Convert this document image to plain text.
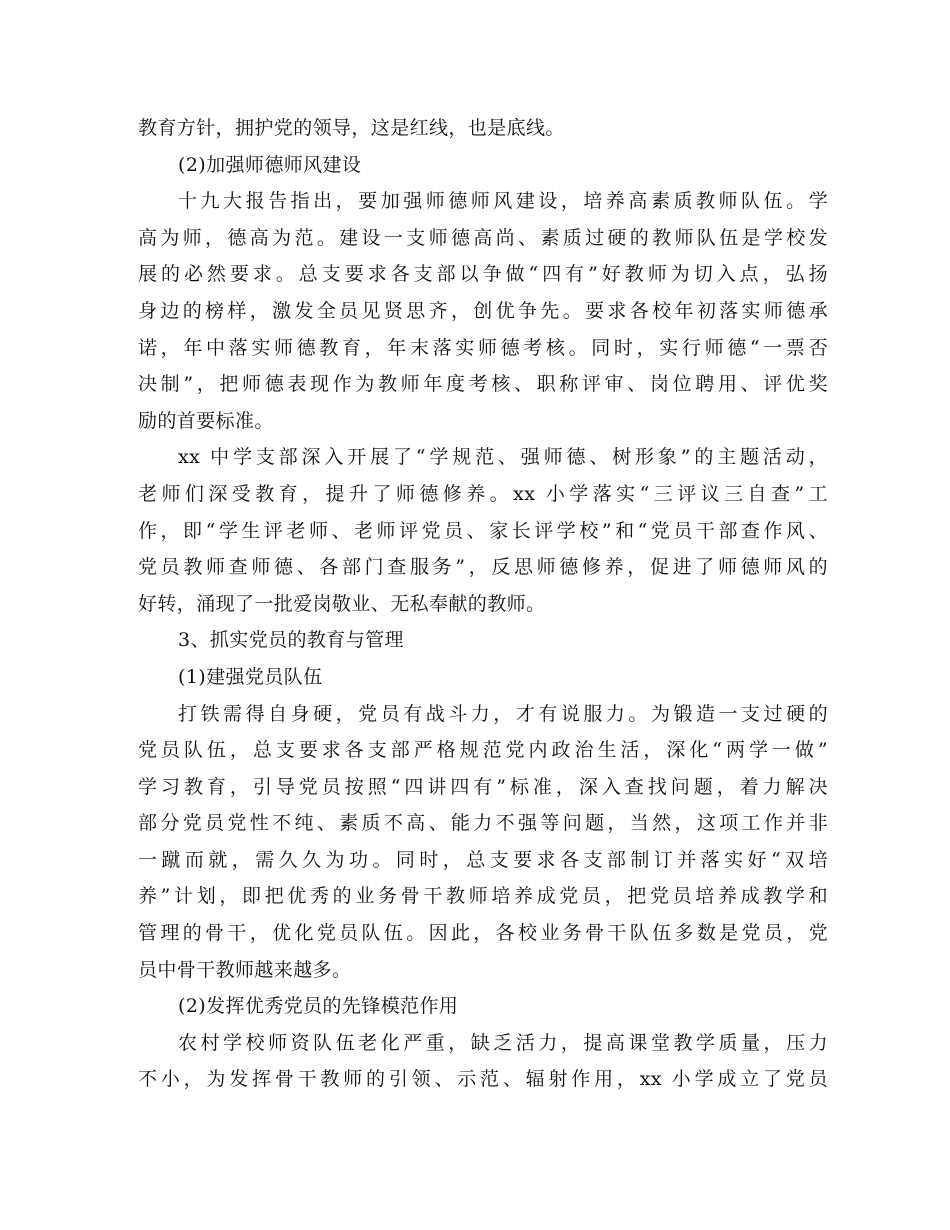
教育方针，拥护党的领导，这是红线，也是底线。
(2)加强师德师风建设
十九大报告指出，要加强师德师风建设，培养高素质教师队伍。学
高为师，德高为范。建设一支师德高尚、素质过硬的教师队伍是学校发
展的必然要求。总支要求各支部以争做“四有”好教师为切入点，弘扬
身边的榜样，激发全员见贤思齐，创优争先。要求各校年初落实师德承
诺，年中落实师德教育，年末落实师德考核。同时，实行师德“一票否
决制”，把师德表现作为教师年度考核、职称评审、岗位聘用、评优奖
励的首要标准。
xx 中学支部深入开展了“学规范、强师德、树形象”的主题活动，
老师们深受教育，提升了师德修养。xx 小学落实“三评议三自查”工
作，即“学生评老师、老师评党员、家长评学校”和“党员干部查作风、
党员教师查师德、各部门查服务”，反思师德修养，促进了师德师风的
好转，涌现了一批爱岗敬业、无私奉献的教师。
3、抓实党员的教育与管理
(1)建强党员队伍
打铁需得自身硬，党员有战斗力，才有说服力。为锻造一支过硬的
党员队伍，总支要求各支部严格规范党内政治生活，深化“两学一做”
学习教育，引导党员按照“四讲四有”标准，深入查找问题，着力解决
部分党员党性不纯、素质不高、能力不强等问题，当然，这项工作并非
一蹴而就，需久久为功。同时，总支要求各支部制订并落实好“双培
养”计划，即把优秀的业务骨干教师培养成党员，把党员培养成教学和
管理的骨干，优化党员队伍。因此，各校业务骨干队伍多数是党员，党
员中骨干教师越来越多。
(2)发挥优秀党员的先锋模范作用
农村学校师资队伍老化严重，缺乏活力，提高课堂教学质量，压力
不小，为发挥骨干教师的引领、示范、辐射作用，xx 小学成立了党员
